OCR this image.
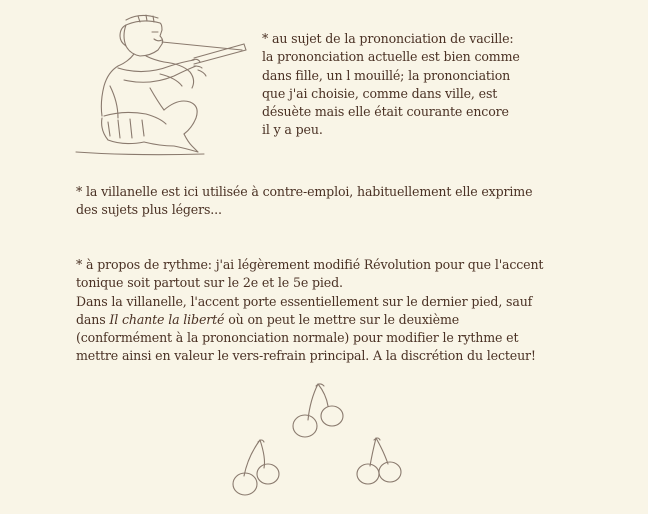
* au sujet de la prononciation de vacille:
la prononciation actuelle est bien comme
dans fille, un l mouillé; la prononciation
que j'ai choisie, comme dans ville, est
désuète mais elle était courante encore
il y a peu.
* la villanelle est ici utilisée à contre-emploi, habituellement elle exprime
des sujets plus légers...
* à propos de rythme: j'ai légèrement modifié Révolution pour que l'accent
tonique soit partout sur le 2e et le 5e pied.
Dans la villanelle, l'accent porte essentiellement sur le dernier pied, sauf
dans Il chante la liberté où on peut le mettre sur le deuxième
(conformément à la prononciation normale) pour modifier le rythme et
mettre ainsi en valeur le vers-refrain principal. A la discrétion du lecteur!
